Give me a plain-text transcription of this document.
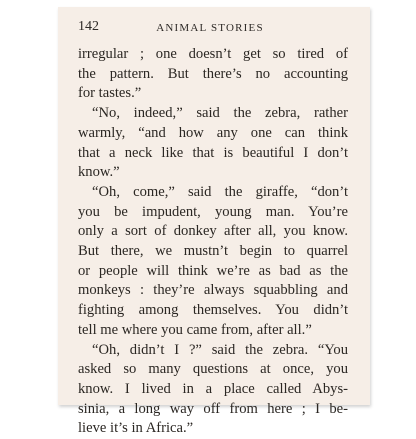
142	ANIMAL STORIES
irregular ; one doesn’t get so tired of
the pattern. But there’s no accounting
for tastes.”
“No, indeed,” said the zebra, rather
warmly, “and how any one can think
that a neck like that is beautiful I don’t
know.”
“Oh, come,” said the giraffe, “don’t
you be impudent, young man. You’re
only a sort of donkey after all, you know.
But there, we mustn’t begin to quarrel
or people will think we’re as bad as the
monkeys : they’re always squabbling and
fighting among themselves. You didn’t
tell me where you came from, after all.”
“Oh, didn’t I ?” said the zebra. “You
asked so many questions at once, you
know. I lived in a place called Abys-
sinia, a long way off from here ; I be-
lieve it’s in Africa.”
